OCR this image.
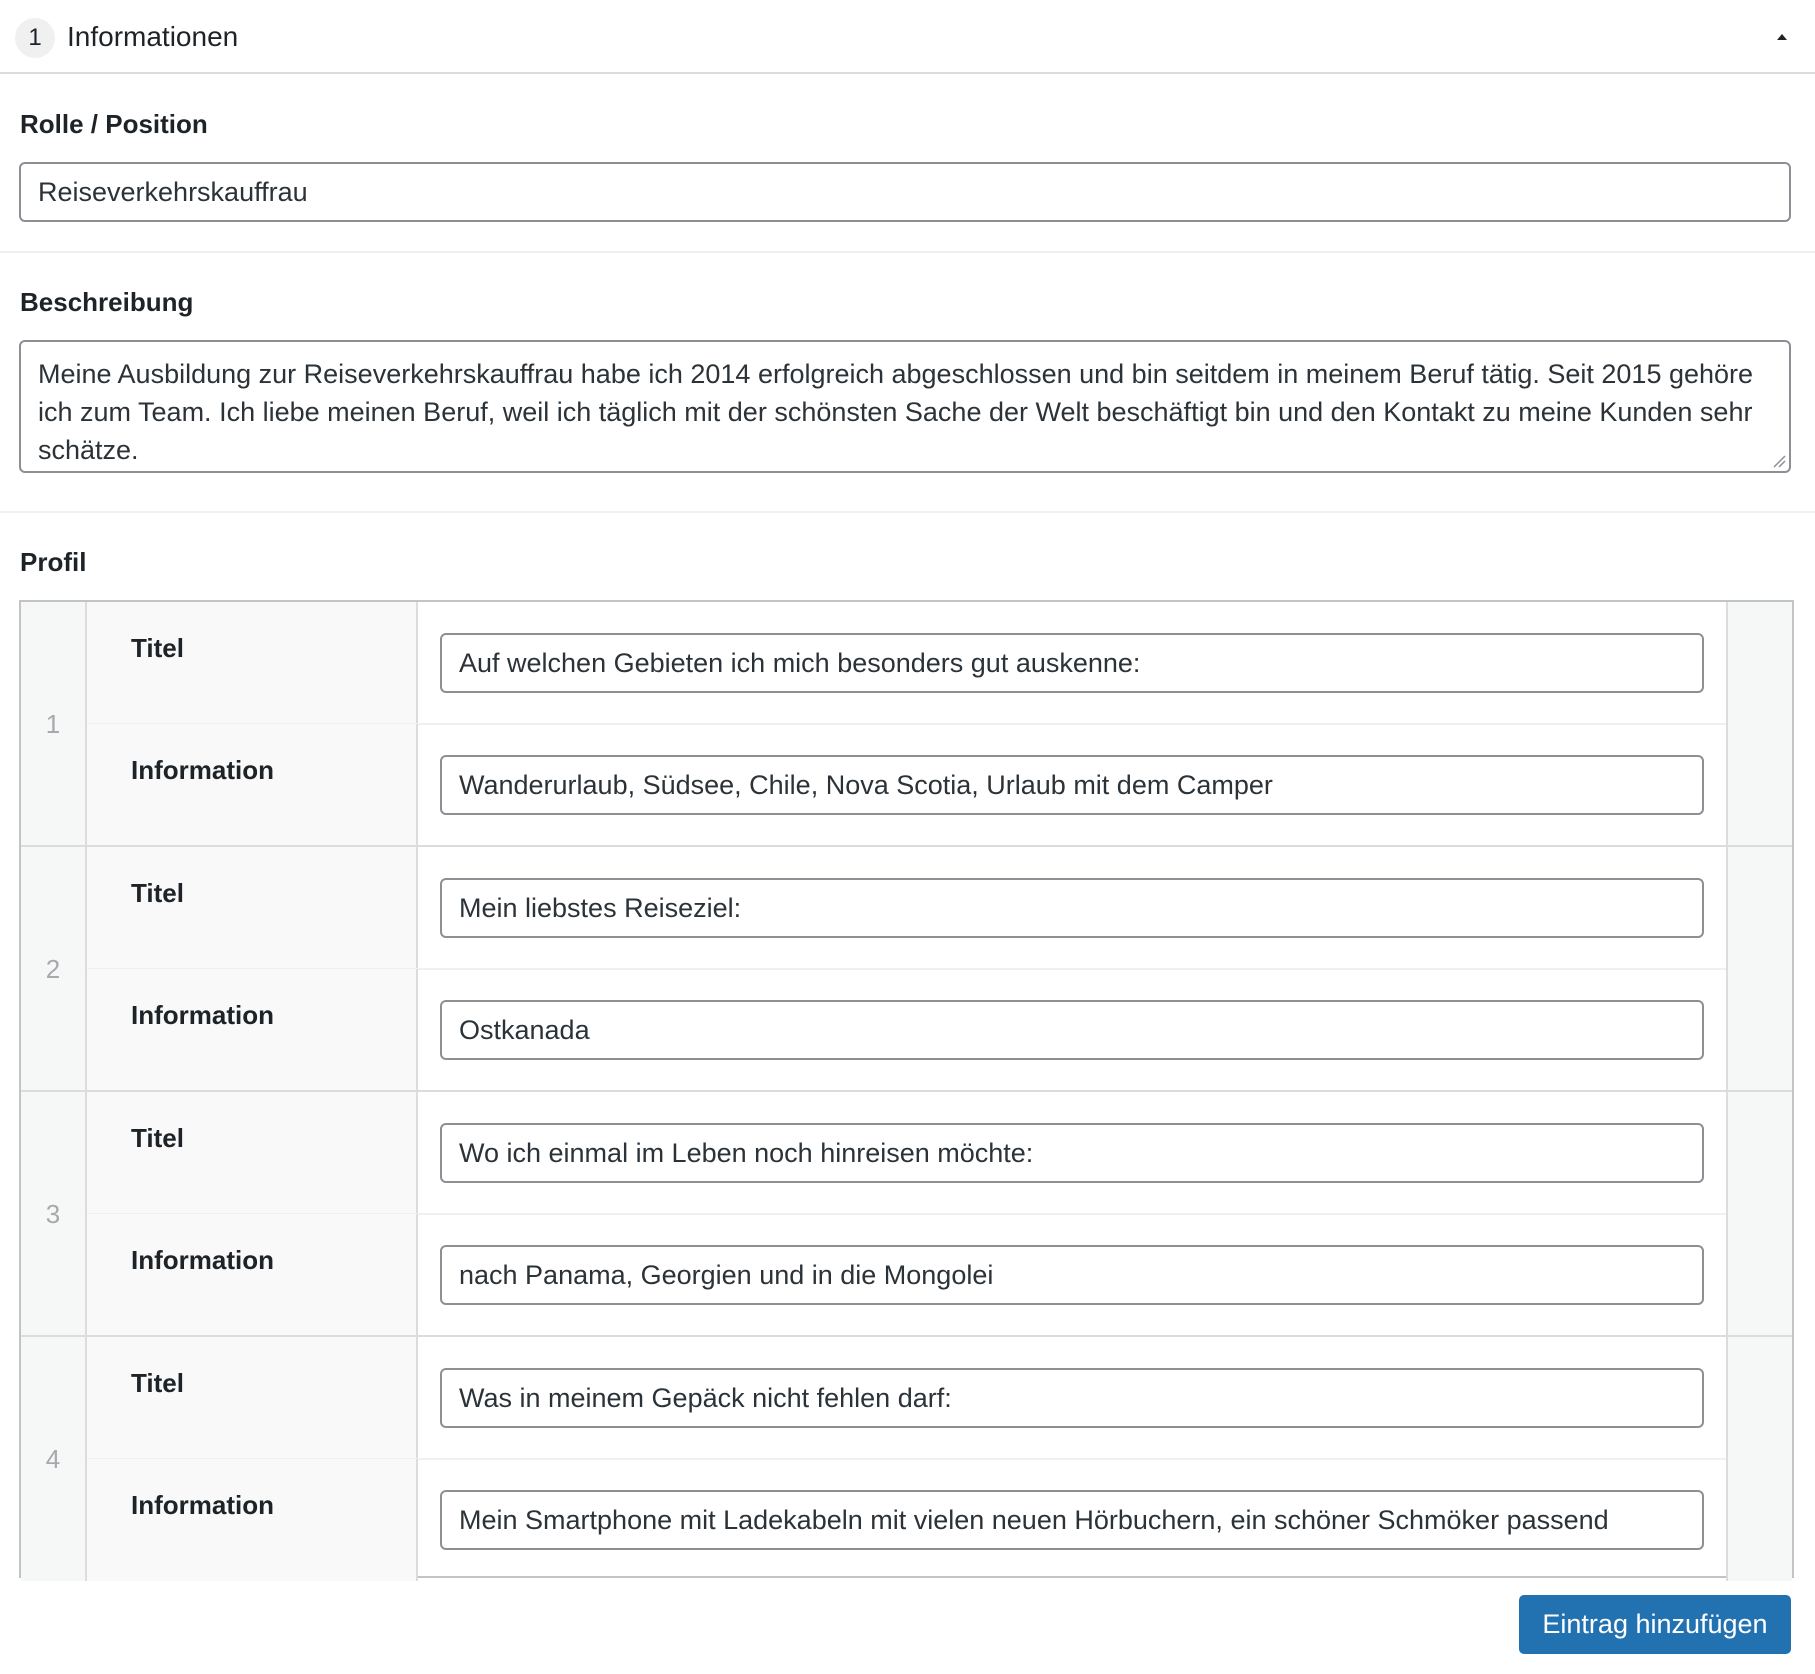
1 Informationen
Rolle / Position
Reiseverkehrskauffrau
Beschreibung
Meine Ausbildung zur Reiseverkehrskauffrau habe ich 2014 erfolgreich abgeschlossen und bin seitdem in meinem Beruf tätig. Seit 2015 gehöre ich zum Team. Ich liebe meinen Beruf, weil ich täglich mit der schönsten Sache der Welt beschäftigt bin und den Kontakt zu meine Kunden sehr schätze.
Profil
1
Titel
Auf welchen Gebieten ich mich besonders gut auskenne:
Information
Wanderurlaub, Südsee, Chile, Nova Scotia, Urlaub mit dem Camper
2
Titel
Mein liebstes Reiseziel:
Information
Ostkanada
3
Titel
Wo ich einmal im Leben noch hinreisen möchte:
Information
nach Panama, Georgien und in die Mongolei
4
Titel
Was in meinem Gepäck nicht fehlen darf:
Information
Mein Smartphone mit Ladekabeln mit vielen neuen Hörbuchern, ein schöner Schmöker passend
Eintrag hinzufügen
